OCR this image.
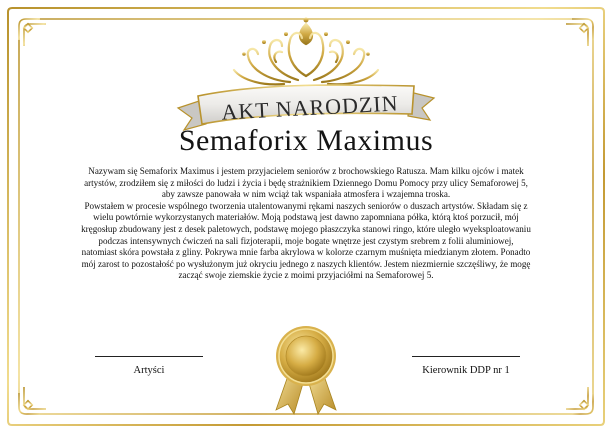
AKT NARODZIN
Semaforix Maximus

Nazywam się Semaforix Maximus i jestem przyjacielem seniorów z brochowskiego Ratusza. Mam kilku ojców i matek artystów, zrodziłem się z miłości do ludzi i życia i będę strażnikiem Dziennego Domu Pomocy przy ulicy Semaforowej 5, aby zawsze panowała w nim wciąż tak wspaniała atmosfera i wzajemna troska.

Powstałem w procesie wspólnego tworzenia utalentowanymi rękami naszych seniorów o duszach artystów. Składam się z wielu powtórnie wykorzystanych materiałów. Moją podstawą jest dawno zapomniana półka, którą ktoś porzucił, mój kręgosłup zbudowany jest z desek paletowych, podstawę mojego płaszczyka stanowi ringo, które uległo wyeksploatowaniu podczas intensywnych ćwiczeń na sali fizjoterapii, moje bogate wnętrze jest czystym srebrem z folii aluminiowej, natomiast skóra powstała z gliny. Pokrywa mnie farba akrylowa w kolorze czarnym muśnięta miedzianym złotem. Ponadto mój zarost to pozostałość po wysłużonym już okryciu jednego z naszych klientów. Jestem niezmiernie szczęśliwy, że mogę zacząć swoje ziemskie życie z moimi przyjaciółmi na Semaforowej 5.

Artyści	Kierownik DDP nr 1
